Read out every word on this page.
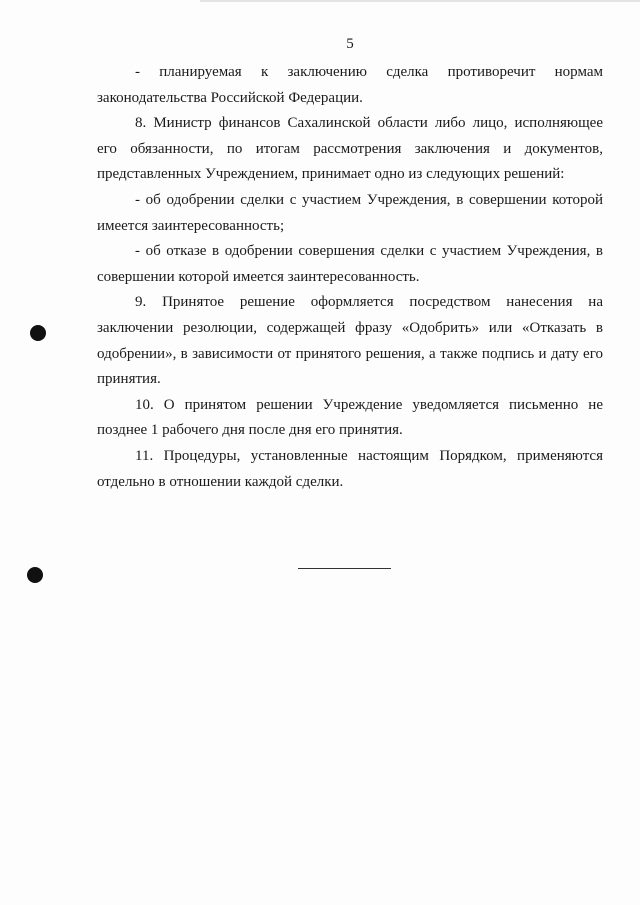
5

- планируемая к заключению сделка противоречит нормам законодательства Российской Федерации.

8. Министр финансов Сахалинской области либо лицо, исполняющее его обязанности, по итогам рассмотрения заключения и документов, представленных Учреждением, принимает одно из следующих решений:

- об одобрении сделки с участием Учреждения, в совершении которой имеется заинтересованность;

- об отказе в одобрении совершения сделки с участием Учреждения, в совершении которой имеется заинтересованность.

9. Принятое решение оформляется посредством нанесения на заключении резолюции, содержащей фразу «Одобрить» или «Отказать в одобрении», в зависимости от принятого решения, а также подпись и дату его принятия.

10. О принятом решении Учреждение уведомляется письменно не позднее 1 рабочего дня после дня его принятия.

11. Процедуры, установленные настоящим Порядком, применяются отдельно в отношении каждой сделки.
